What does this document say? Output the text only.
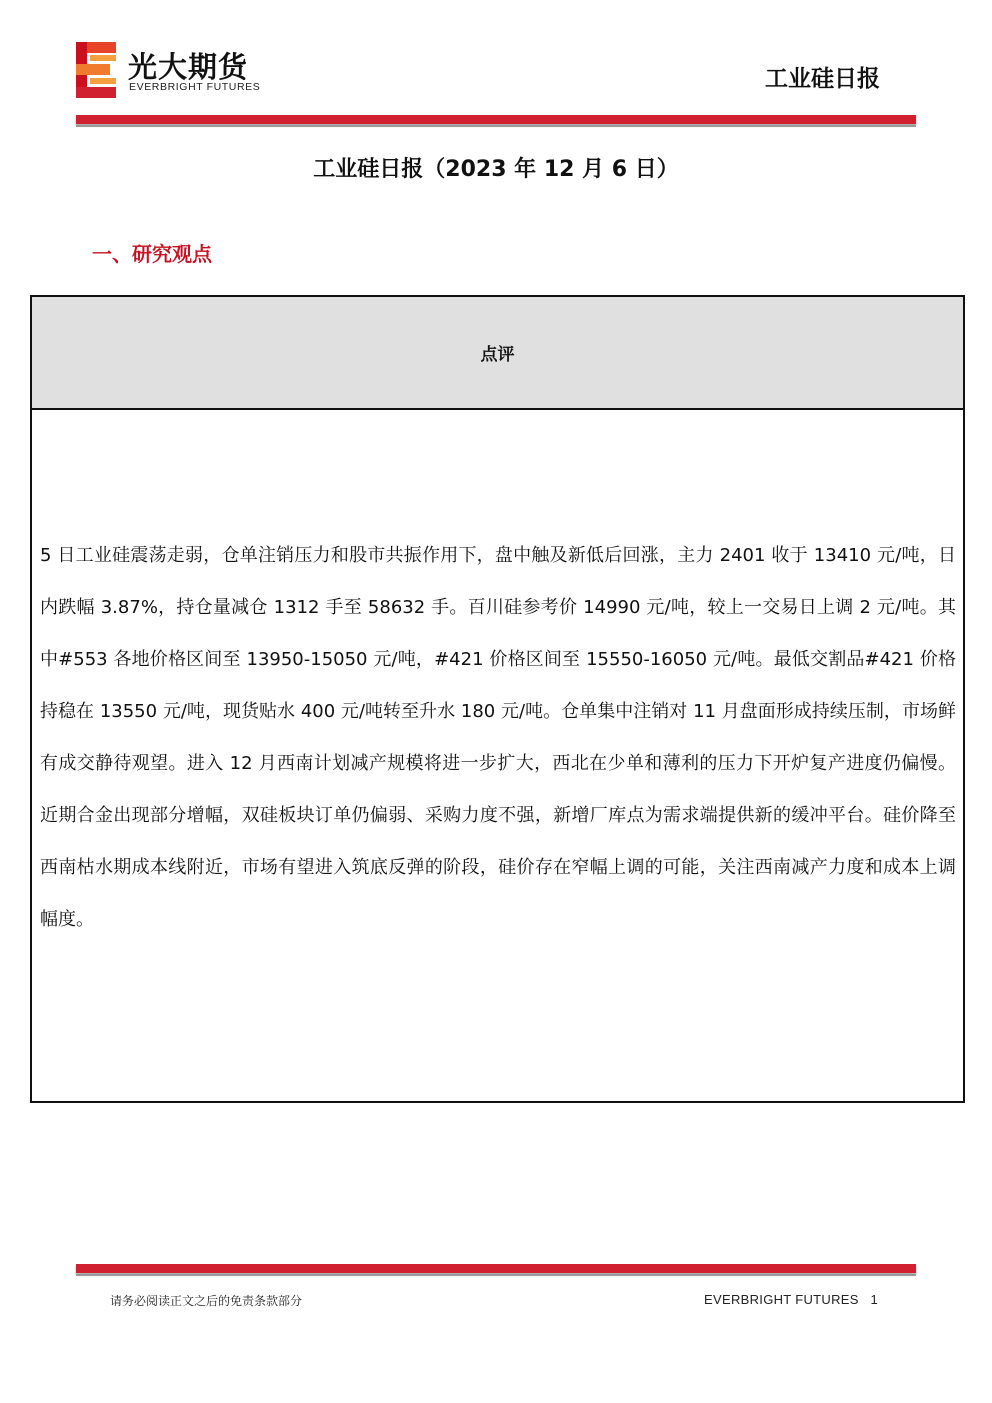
光大期货
EVERBRIGHT FUTURES	工业硅日报
工业硅日报（2023 年 12 月 6 日）
一、研究观点
点评
5 日工业硅震荡走弱，仓单注销压力和股市共振作用下，盘中触及新低后回涨，主力 2401 收于 13410 元/吨，日内跌幅 3.87%，持仓量减仓 1312 手至 58632 手。百川硅参考价 14990 元/吨，较上一交易日上调 2 元/吨。其中#553 各地价格区间至 13950-15050 元/吨，#421 价格区间至 15550-16050 元/吨。最低交割品#421 价格持稳在 13550 元/吨，现货贴水 400 元/吨转至升水 180 元/吨。仓单集中注销对 11 月盘面形成持续压制，市场鲜有成交静待观望。进入 12 月西南计划减产规模将进一步扩大，西北在少单和薄利的压力下开炉复产进度仍偏慢。近期合金出现部分增幅，双硅板块订单仍偏弱、采购力度不强，新增厂库点为需求端提供新的缓冲平台。硅价降至西南枯水期成本线附近，市场有望进入筑底反弹的阶段，硅价存在窄幅上调的可能，关注西南减产力度和成本上调幅度。
请务必阅读正文之后的免责条款部分	EVERBRIGHT FUTURES 1
